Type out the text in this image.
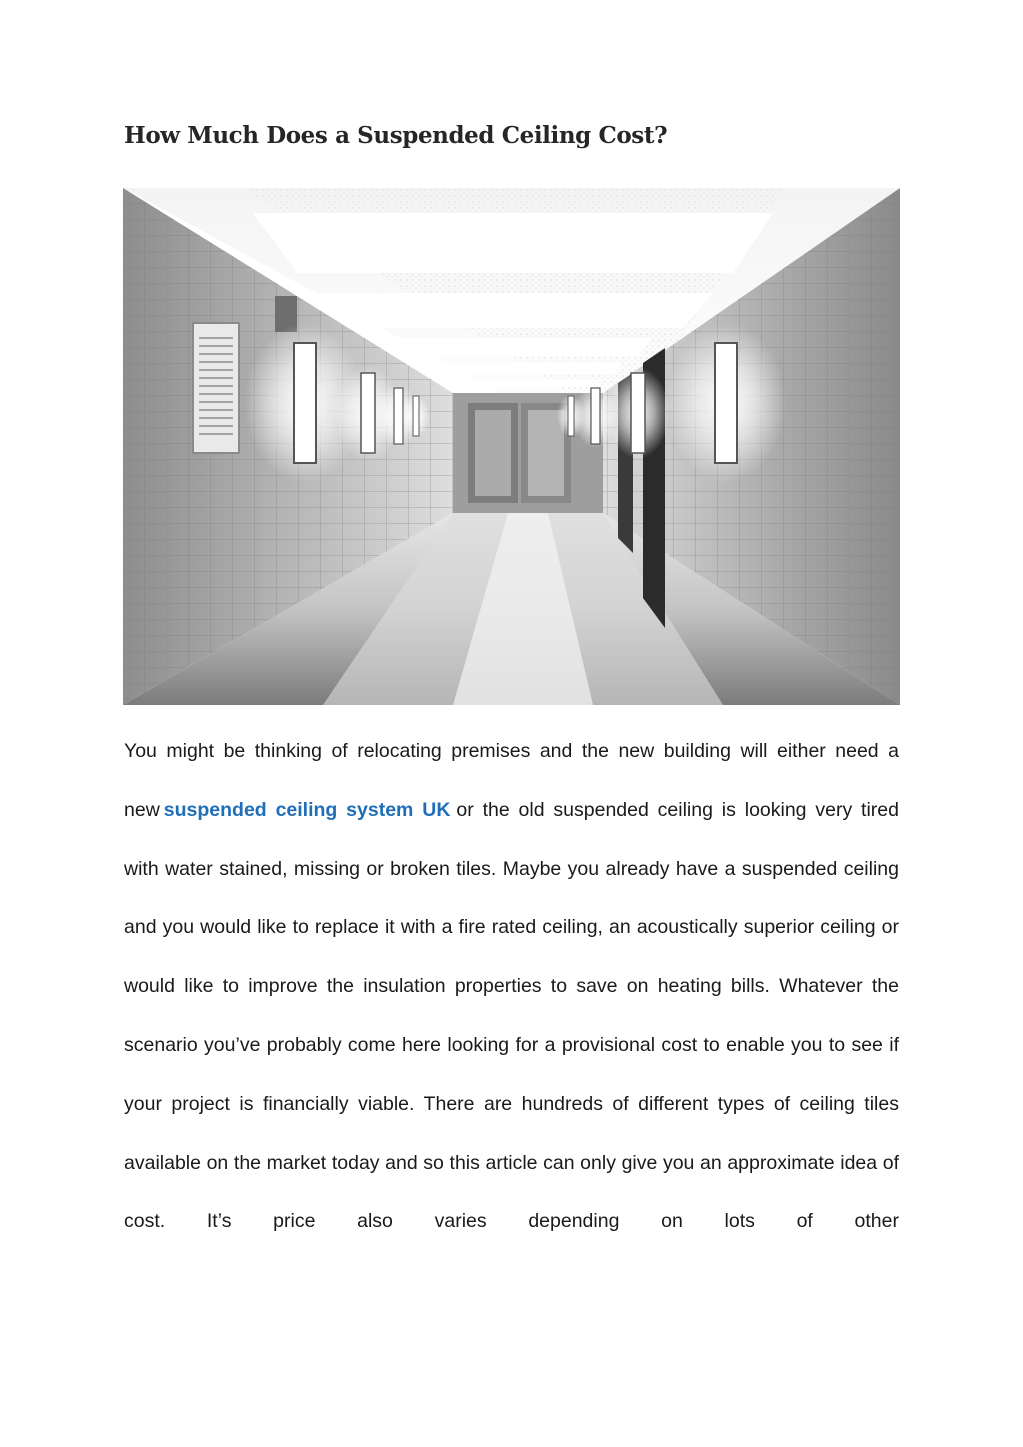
How Much Does a Suspended Ceiling Cost?

You might be thinking of relocating premises and the new building will either need a new suspended ceiling system UK or the old suspended ceiling is looking very tired with water stained, missing or broken tiles. Maybe you already have a suspended ceiling and you would like to replace it with a fire rated ceiling, an acoustically superior ceiling or would like to improve the insulation properties to save on heating bills. Whatever the scenario you’ve probably come here looking for a provisional cost to enable you to see if your project is financially viable. There are hundreds of different types of ceiling tiles available on the market today and so this article can only give you an approximate idea of cost. It’s price also varies depending on lots of other
